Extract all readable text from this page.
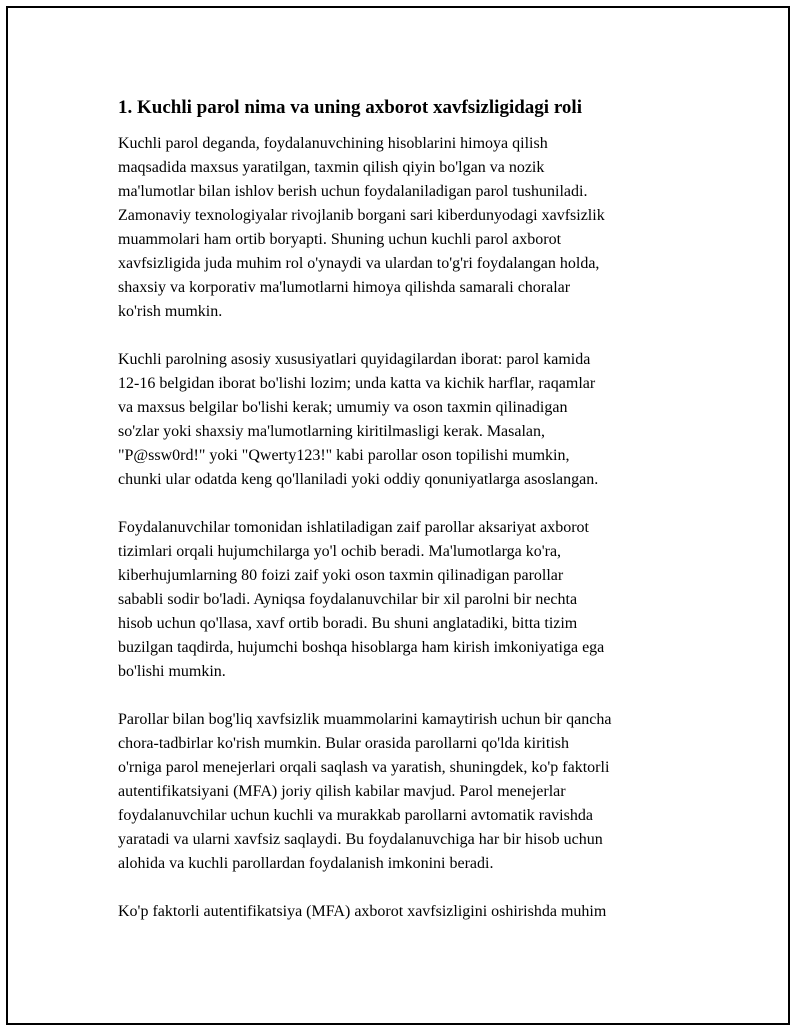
1. Kuchli parol nima va uning axborot xavfsizligidagi roli

Kuchli parol deganda, foydalanuvchining hisoblarini himoya qilish
maqsadida maxsus yaratilgan, taxmin qilish qiyin bo'lgan va nozik
ma'lumotlar bilan ishlov berish uchun foydalaniladigan parol tushuniladi.
Zamonaviy texnologiyalar rivojlanib borgani sari kiberdunyodagi xavfsizlik
muammolari ham ortib boryapti. Shuning uchun kuchli parol axborot
xavfsizligida juda muhim rol o'ynaydi va ulardan to'g'ri foydalangan holda,
shaxsiy va korporativ ma'lumotlarni himoya qilishda samarali choralar
ko'rish mumkin.

Kuchli parolning asosiy xususiyatlari quyidagilardan iborat: parol kamida
12-16 belgidan iborat bo'lishi lozim; unda katta va kichik harflar, raqamlar
va maxsus belgilar bo'lishi kerak; umumiy va oson taxmin qilinadigan
so'zlar yoki shaxsiy ma'lumotlarning kiritilmasligi kerak. Masalan,
"P@ssw0rd!" yoki "Qwerty123!" kabi parollar oson topilishi mumkin,
chunki ular odatda keng qo'llaniladi yoki oddiy qonuniyatlarga asoslangan.

Foydalanuvchilar tomonidan ishlatiladigan zaif parollar aksariyat axborot
tizimlari orqali hujumchilarga yo'l ochib beradi. Ma'lumotlarga ko'ra,
kiberhujumlarning 80 foizi zaif yoki oson taxmin qilinadigan parollar
sababli sodir bo'ladi. Ayniqsa foydalanuvchilar bir xil parolni bir nechta
hisob uchun qo'llasa, xavf ortib boradi. Bu shuni anglatadiki, bitta tizim
buzilgan taqdirda, hujumchi boshqa hisoblarga ham kirish imkoniyatiga ega
bo'lishi mumkin.

Parollar bilan bog'liq xavfsizlik muammolarini kamaytirish uchun bir qancha
chora-tadbirlar ko'rish mumkin. Bular orasida parollarni qo'lda kiritish
o'rniga parol menejerlari orqali saqlash va yaratish, shuningdek, ko'p faktorli
autentifikatsiyani (MFA) joriy qilish kabilar mavjud. Parol menejerlar
foydalanuvchilar uchun kuchli va murakkab parollarni avtomatik ravishda
yaratadi va ularni xavfsiz saqlaydi. Bu foydalanuvchiga har bir hisob uchun
alohida va kuchli parollardan foydalanish imkonini beradi.

Ko'p faktorli autentifikatsiya (MFA) axborot xavfsizligini oshirishda muhim
